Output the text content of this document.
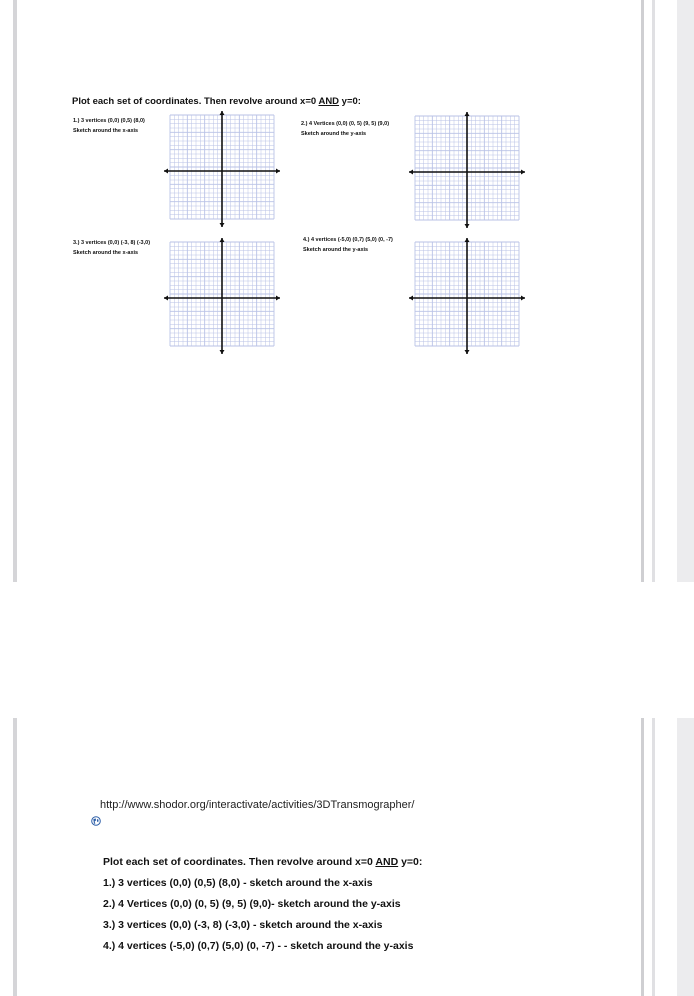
Plot each set of coordinates. Then revolve around x=0 AND y=0:
1.) 3 vertices (0,0) (0,5) (8,0)
Sketch around the x-axis
2.) 4 Vertices (0,0) (0, 5) (9, 5) (9,0)
Sketch around the y-axis
3.) 3 vertices (0,0) (-3, 8) (-3,0)
Sketch around the x-axis
4.) 4 vertices (-5,0) (0,7) (5,0) (0, -7)
Sketch around the y-axis
http://www.shodor.org/interactivate/activities/3DTransmographer/
Plot each set of coordinates. Then revolve around x=0 AND y=0:
1.) 3 vertices (0,0) (0,5) (8,0) - sketch around the x-axis
2.) 4 Vertices (0,0) (0, 5) (9, 5) (9,0)- sketch around the y-axis
3.) 3 vertices (0,0) (-3, 8) (-3,0) - sketch around the x-axis
4.) 4 vertices (-5,0) (0,7) (5,0) (0, -7) - - sketch around the y-axis
